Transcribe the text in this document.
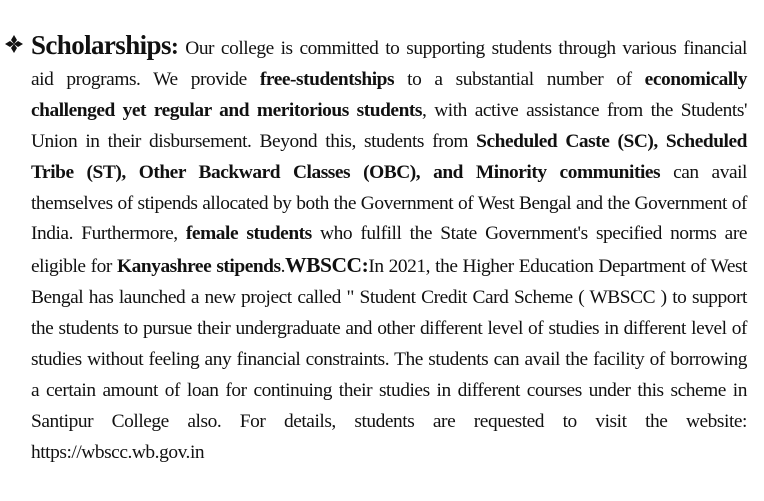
Scholarships: Our college is committed to supporting students through various financial aid programs. We provide free-studentships to a substantial number of economically challenged yet regular and meritorious students, with active assistance from the Students' Union in their disbursement. Beyond this, students from Scheduled Caste (SC), Scheduled Tribe (ST), Other Backward Classes (OBC), and Minority communities can avail themselves of stipends allocated by both the Government of West Bengal and the Government of India. Furthermore, female students who fulfill the State Government's specified norms are eligible for Kanyashree stipends.WBSCC:In 2021, the Higher Education Department of West Bengal has launched a new project called " Student Credit Card Scheme ( WBSCC ) to support the students to pursue their undergraduate and other different level of studies in different level of studies without feeling any financial constraints. The students can avail the facility of borrowing a certain amount of loan for continuing their studies in different courses under this scheme in Santipur College also. For details, students are requested to visit the website: https://wbscc.wb.gov.in
